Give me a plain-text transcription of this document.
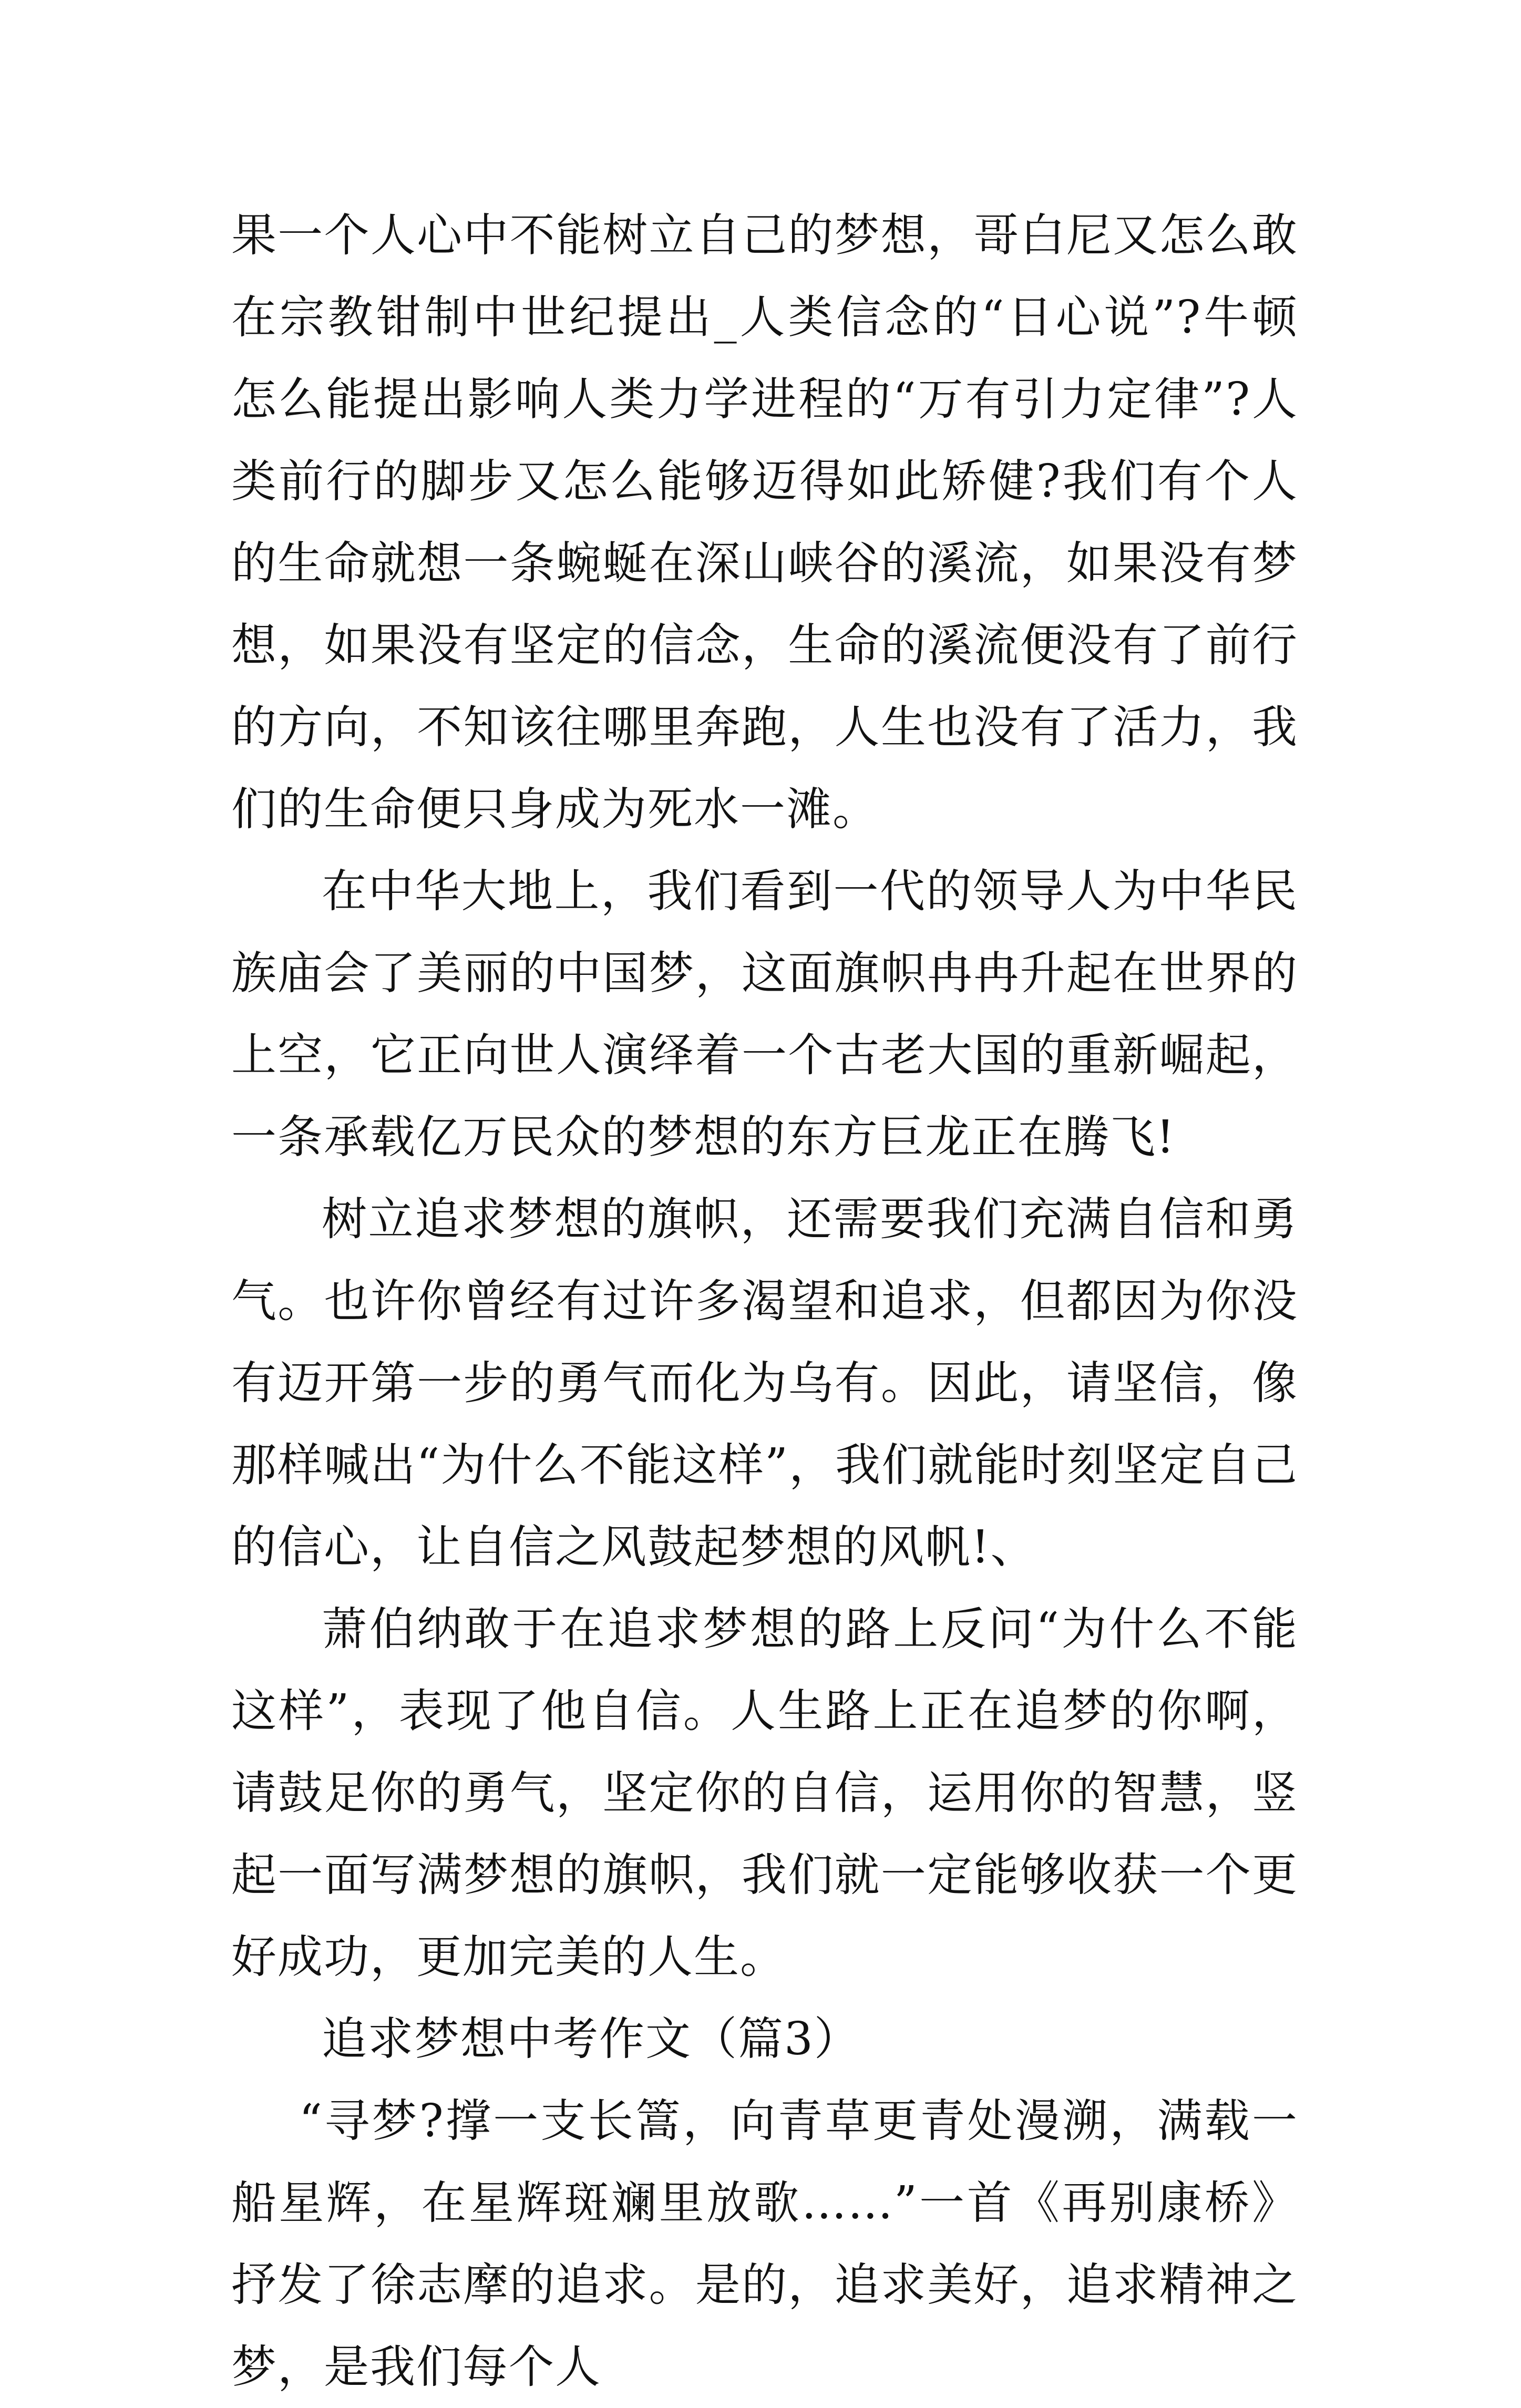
果一个人心中不能树立自己的梦想，哥白尼又怎么敢在宗教钳制中世纪提出_人类信念的“日心说”?牛顿怎么能提出影响人类力学进程的“万有引力定律”?人类前行的脚步又怎么能够迈得如此矫健?我们有个人的生命就想一条蜿蜒在深山峡谷的溪流，如果没有梦想，如果没有坚定的信念，生命的溪流便没有了前行的方向，不知该往哪里奔跑，人生也没有了活力，我们的生命便只身成为死水一滩。

在中华大地上，我们看到一代的领导人为中华民族庙会了美丽的中国梦，这面旗帜冉冉升起在世界的上空，它正向世人演绎着一个古老大国的重新崛起，一条承载亿万民众的梦想的东方巨龙正在腾飞!

树立追求梦想的旗帜，还需要我们充满自信和勇气。也许你曾经有过许多渴望和追求，但都因为你没有迈开第一步的勇气而化为乌有。因此，请坚信，像那样喊出“为什么不能这样”，我们就能时刻坚定自己的信心，让自信之风鼓起梦想的风帆!、

萧伯纳敢于在追求梦想的路上反问“为什么不能这样”，表现了他自信。人生路上正在追梦的你啊，请鼓足你的勇气，坚定你的自信，运用你的智慧，竖起一面写满梦想的旗帜，我们就一定能够收获一个更好成功，更加完美的人生。

追求梦想中考作文（篇3）

“寻梦?撑一支长篙，向青草更青处漫溯，满载一船星辉，在星辉斑斓里放歌……”一首《再别康桥》抒发了徐志摩的追求。是的，追求美好，追求精神之梦，是我们每个人
